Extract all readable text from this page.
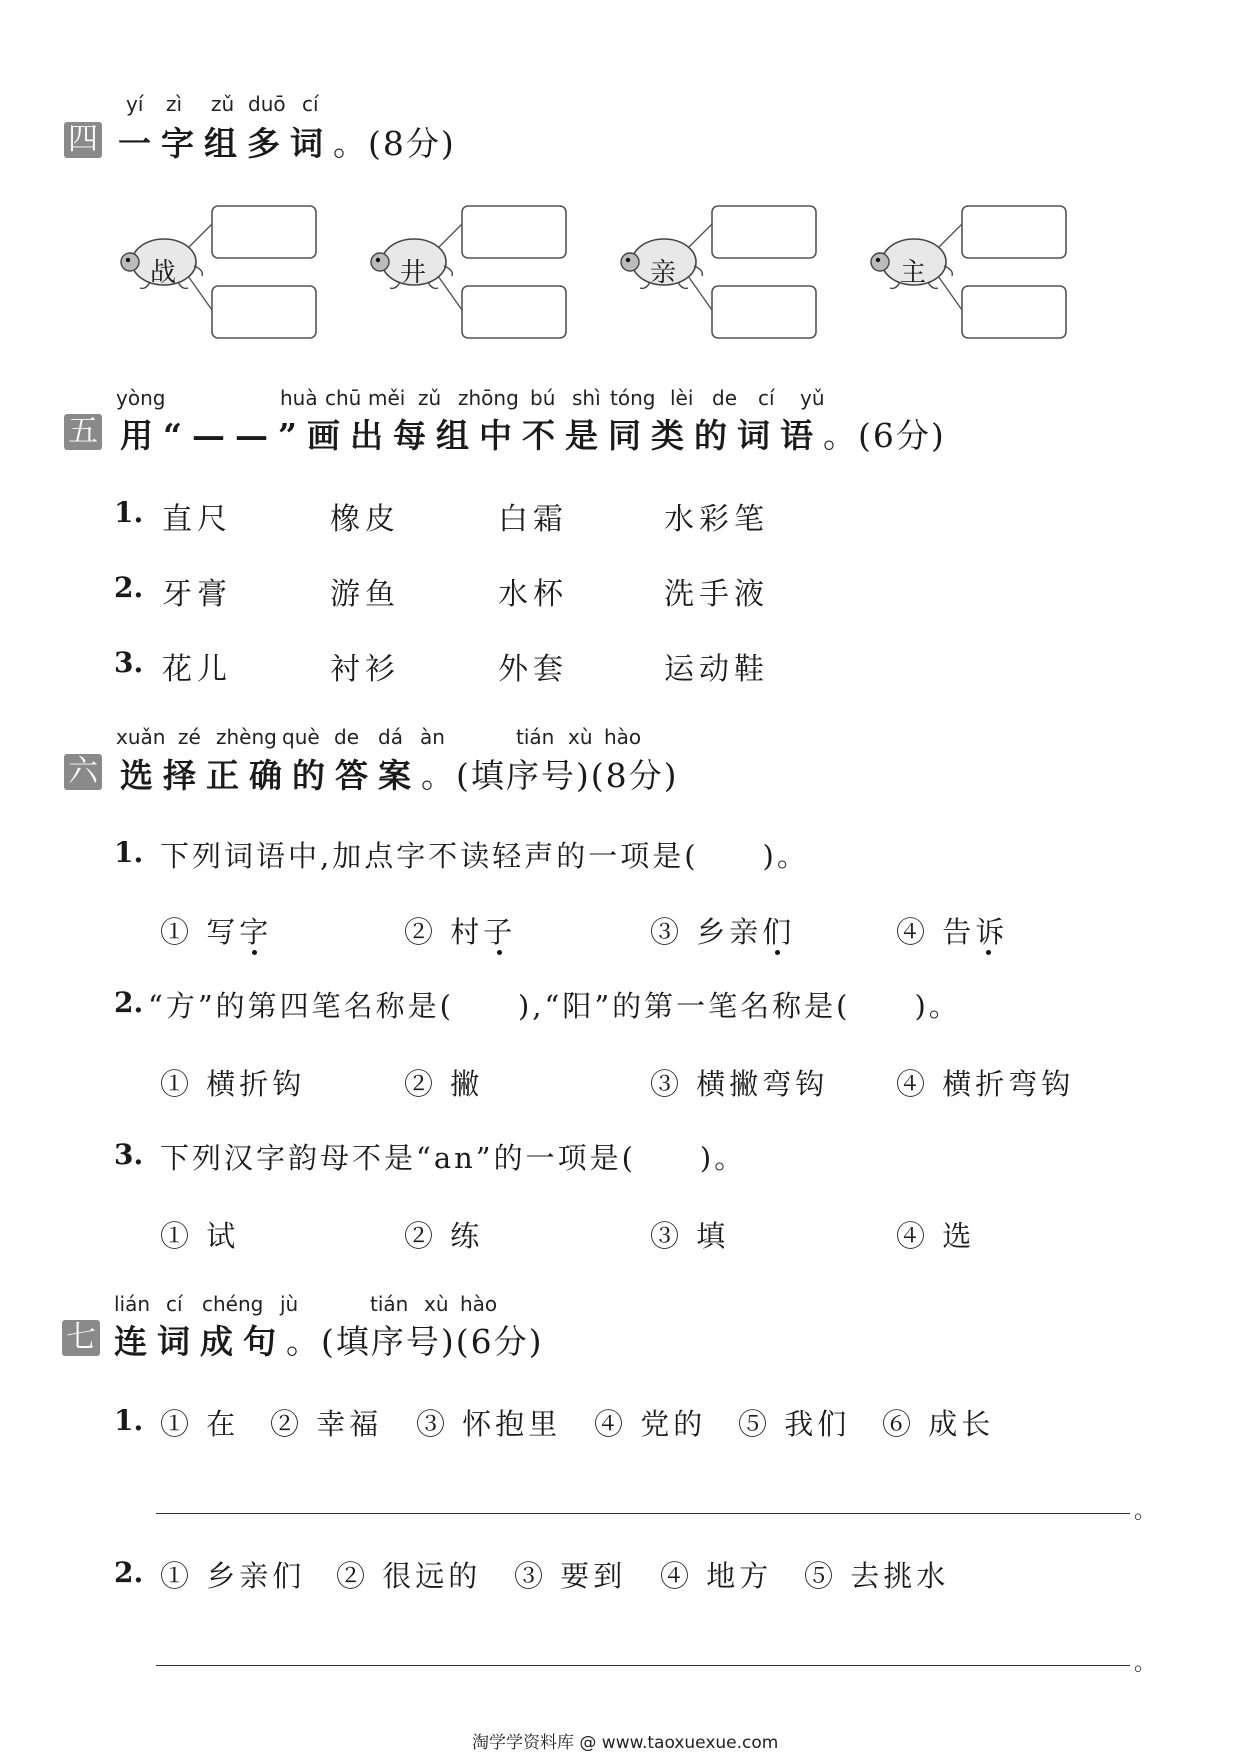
yí zì zǔ duō cí
四 一字组多词。(8分)
战	井	亲	主
yòng	huà chū měi zǔ zhōng bú shì tóng lèi de cí yǔ
五 用“——”画出每组中不是同类的词语。(6分)
1. 直尺	橡皮	白霜	水彩笔
2. 牙膏	游鱼	水杯	洗手液
3. 花儿	衬衫	外套	运动鞋
xuǎn zé zhèng què de dá àn	tián xù hào
六 选择正确的答案。(填序号)(8分)
1. 下列词语中,加点字不读轻声的一项是(　　)。
① 写字	② 村子	③ 乡亲们	④ 告诉
2. “方”的第四笔名称是(　　),“阳”的第一笔名称是(　　)。
① 横折钩	② 撇	③ 横撇弯钩 ④ 横折弯钩
3. 下列汉字韵母不是“an”的一项是(　　)。
① 试	② 练	③ 填	④ 选
lián cí chéng jù	tián xù hào
七 连词成句。(填序号)(6分)
1. ① 在 ② 幸福 ③ 怀抱里 ④ 党的 ⑤ 我们 ⑥ 成长
。
2. ① 乡亲们 ② 很远的 ③ 要到 ④ 地方 ⑤ 去挑水
。
淘学学资料库 @ www.taoxuexue.com
